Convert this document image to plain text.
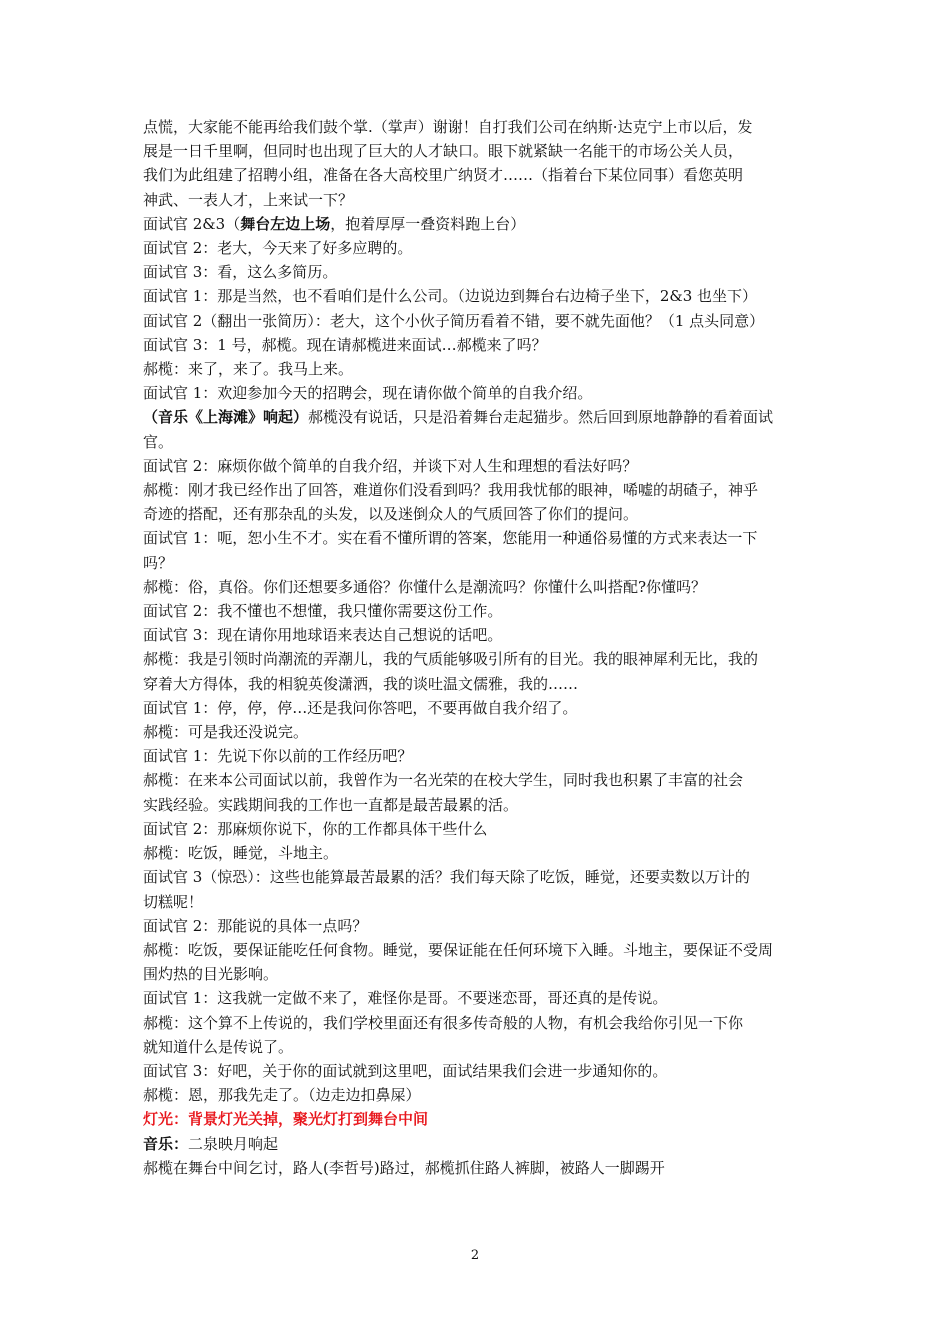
点慌，大家能不能再给我们鼓个掌.（掌声）谢谢！自打我们公司在纳斯·达克宁上市以后，发
展是一日千里啊，但同时也出现了巨大的人才缺口。眼下就紧缺一名能干的市场公关人员，
我们为此组建了招聘小组，准备在各大高校里广纳贤才……（指着台下某位同事）看您英明
神武、一表人才，上来试一下？
面试官 2&3（舞台左边上场，抱着厚厚一叠资料跑上台）
面试官 2：老大，今天来了好多应聘的。
面试官 3：看，这么多简历。
面试官 1：那是当然，也不看咱们是什么公司。（边说边到舞台右边椅子坐下，2&3 也坐下）
面试官 2（翻出一张简历）：老大，这个小伙子简历看着不错，要不就先面他？（1 点头同意）
面试官 3：1 号，郝榄。现在请郝榄进来面试…郝榄来了吗？
郝榄：来了，来了。我马上来。
面试官 1：欢迎参加今天的招聘会，现在请你做个简单的自我介绍。
（音乐《上海滩》响起）郝榄没有说话，只是沿着舞台走起猫步。然后回到原地静静的看着面试
官。
面试官 2：麻烦你做个简单的自我介绍，并谈下对人生和理想的看法好吗？
郝榄：刚才我已经作出了回答，难道你们没看到吗？我用我忧郁的眼神，唏嘘的胡碴子，神乎
奇迹的搭配，还有那杂乱的头发，以及迷倒众人的气质回答了你们的提问。
面试官 1：呃，恕小生不才。实在看不懂所谓的答案，您能用一种通俗易懂的方式来表达一下
吗？
郝榄：俗，真俗。你们还想要多通俗？你懂什么是潮流吗？你懂什么叫搭配?你懂吗？
面试官 2：我不懂也不想懂，我只懂你需要这份工作。
面试官 3：现在请你用地球语来表达自己想说的话吧。
郝榄：我是引领时尚潮流的弄潮儿，我的气质能够吸引所有的目光。我的眼神犀利无比，我的
穿着大方得体，我的相貌英俊潇洒，我的谈吐温文儒雅，我的……
面试官 1：停，停，停…还是我问你答吧，不要再做自我介绍了。
郝榄：可是我还没说完。
面试官 1：先说下你以前的工作经历吧？
郝榄：在来本公司面试以前，我曾作为一名光荣的在校大学生，同时我也积累了丰富的社会
实践经验。实践期间我的工作也一直都是最苦最累的活。
面试官 2：那麻烦你说下，你的工作都具体干些什么
郝榄：吃饭，睡觉，斗地主。
面试官 3（惊恐）：这些也能算最苦最累的活？我们每天除了吃饭，睡觉，还要卖数以万计的
切糕呢！
面试官 2：那能说的具体一点吗？
郝榄：吃饭，要保证能吃任何食物。睡觉，要保证能在任何环境下入睡。斗地主，要保证不受周
围灼热的目光影响。
面试官 1：这我就一定做不来了，难怪你是哥。不要迷恋哥，哥还真的是传说。
郝榄：这个算不上传说的，我们学校里面还有很多传奇般的人物，有机会我给你引见一下你
就知道什么是传说了。
面试官 3：好吧，关于你的面试就到这里吧，面试结果我们会进一步通知你的。
郝榄：恩，那我先走了。（边走边扣鼻屎）
灯光：背景灯光关掉，聚光灯打到舞台中间
音乐：二泉映月响起
郝榄在舞台中间乞讨，路人(李哲号)路过，郝榄抓住路人裤脚，被路人一脚踢开
2
